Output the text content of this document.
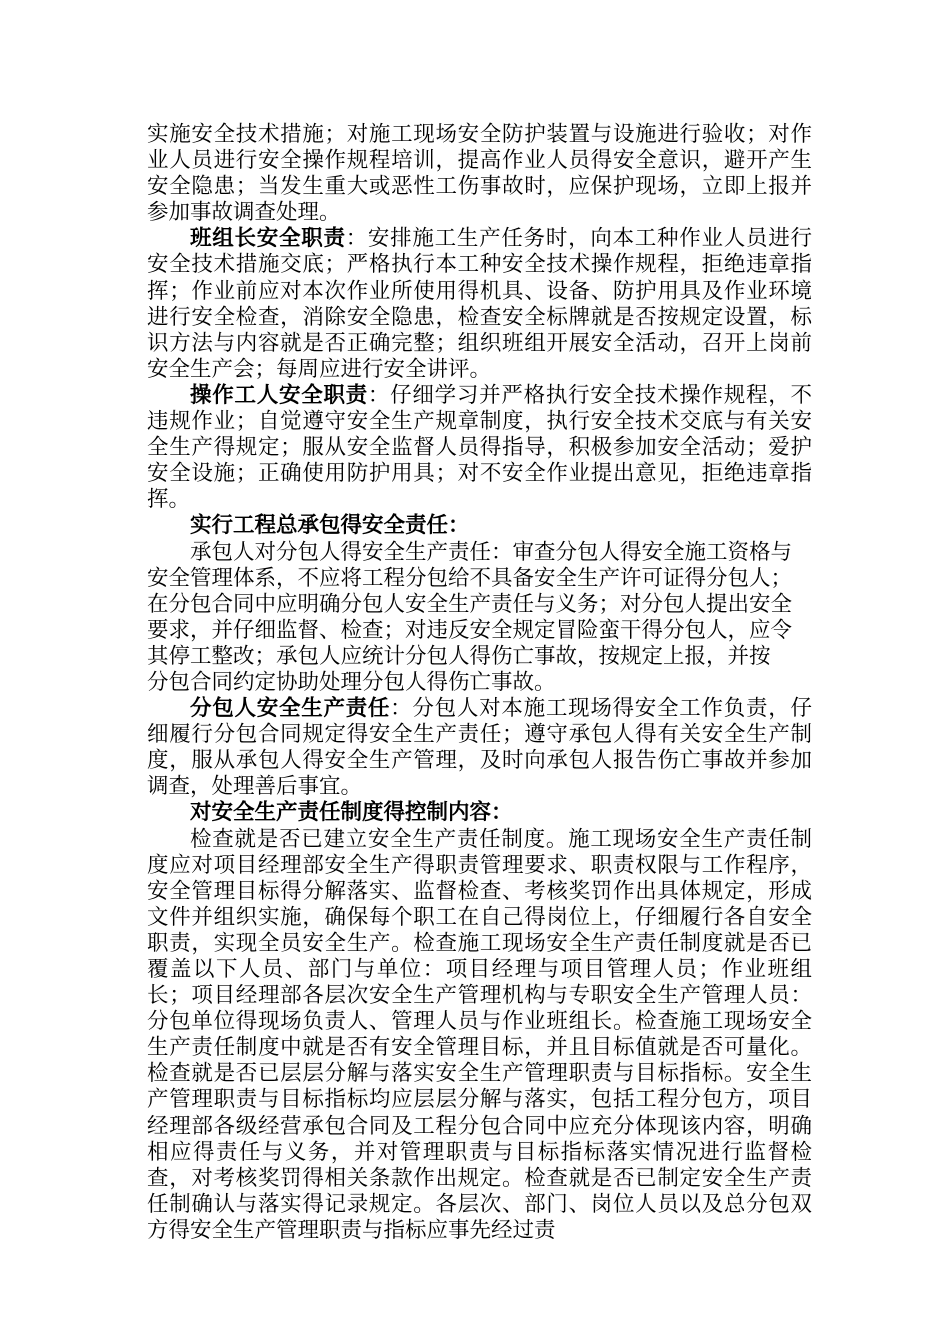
实施安全技术措施；对施工现场安全防护装置与设施进行验收；对作业人员进行安全操作规程培训，提高作业人员得安全意识，避开产生安全隐患；当发生重大或恶性工伤事故时，应保护现场，立即上报并参加事故调查处理。

班组长安全职责：安排施工生产任务时，向本工种作业人员进行安全技术措施交底；严格执行本工种安全技术操作规程，拒绝违章指挥；作业前应对本次作业所使用得机具、设备、防护用具及作业环境进行安全检查，消除安全隐患，检查安全标牌就是否按规定设置，标识方法与内容就是否正确完整；组织班组开展安全活动，召开上岗前安全生产会；每周应进行安全讲评。

操作工人安全职责：仔细学习并严格执行安全技术操作规程，不违规作业；自觉遵守安全生产规章制度，执行安全技术交底与有关安全生产得规定；服从安全监督人员得指导，积极参加安全活动；爱护安全设施；正确使用防护用具；对不安全作业提出意见，拒绝违章指挥。

实行工程总承包得安全责任：

承包人对分包人得安全生产责任：审查分包人得安全施工资格与安全管理体系，不应将工程分包给不具备安全生产许可证得分包人；在分包合同中应明确分包人安全生产责任与义务；对分包人提出安全要求，并仔细监督、检查；对违反安全规定冒险蛮干得分包人，应令其停工整改；承包人应统计分包人得伤亡事故，按规定上报，并按

分包合同约定协助处理分包人得伤亡事故。

分包人安全生产责任：分包人对本施工现场得安全工作负责，仔细履行分包合同规定得安全生产责任；遵守承包人得有关安全生产制度，服从承包人得安全生产管理，及时向承包人报告伤亡事故并参加调查，处理善后事宜。

对安全生产责任制度得控制内容：

检查就是否已建立安全生产责任制度。施工现场安全生产责任制度应对项目经理部安全生产得职责管理要求、职责权限与工作程序，安全管理目标得分解落实、监督检查、考核奖罚作出具体规定，形成文件并组织实施，确保每个职工在自己得岗位上，仔细履行各自安全职责，实现全员安全生产。检查施工现场安全生产责任制度就是否已覆盖以下人员、部门与单位：项目经理与项目管理人员；作业班组长；项目经理部各层次安全生产管理机构与专职安全生产管理人员：分包单位得现场负责人、管理人员与作业班组长。检查施工现场安全生产责任制度中就是否有安全管理目标，并且目标值就是否可量化。检查就是否已层层分解与落实安全生产管理职责与目标指标。安全生产管理职责与目标指标均应层层分解与落实，包括工程分包方，项目经理部各级经营承包合同及工程分包合同中应充分体现该内容，明确相应得责任与义务，并对管理职责与目标指标落实情况进行监督检查，对考核奖罚得相关条款作出规定。检查就是否已制定安全生产责任制确认与落实得记录规定。各层次、部门、岗位人员以及总分包双方得安全生产管理职责与指标应事先经过责
